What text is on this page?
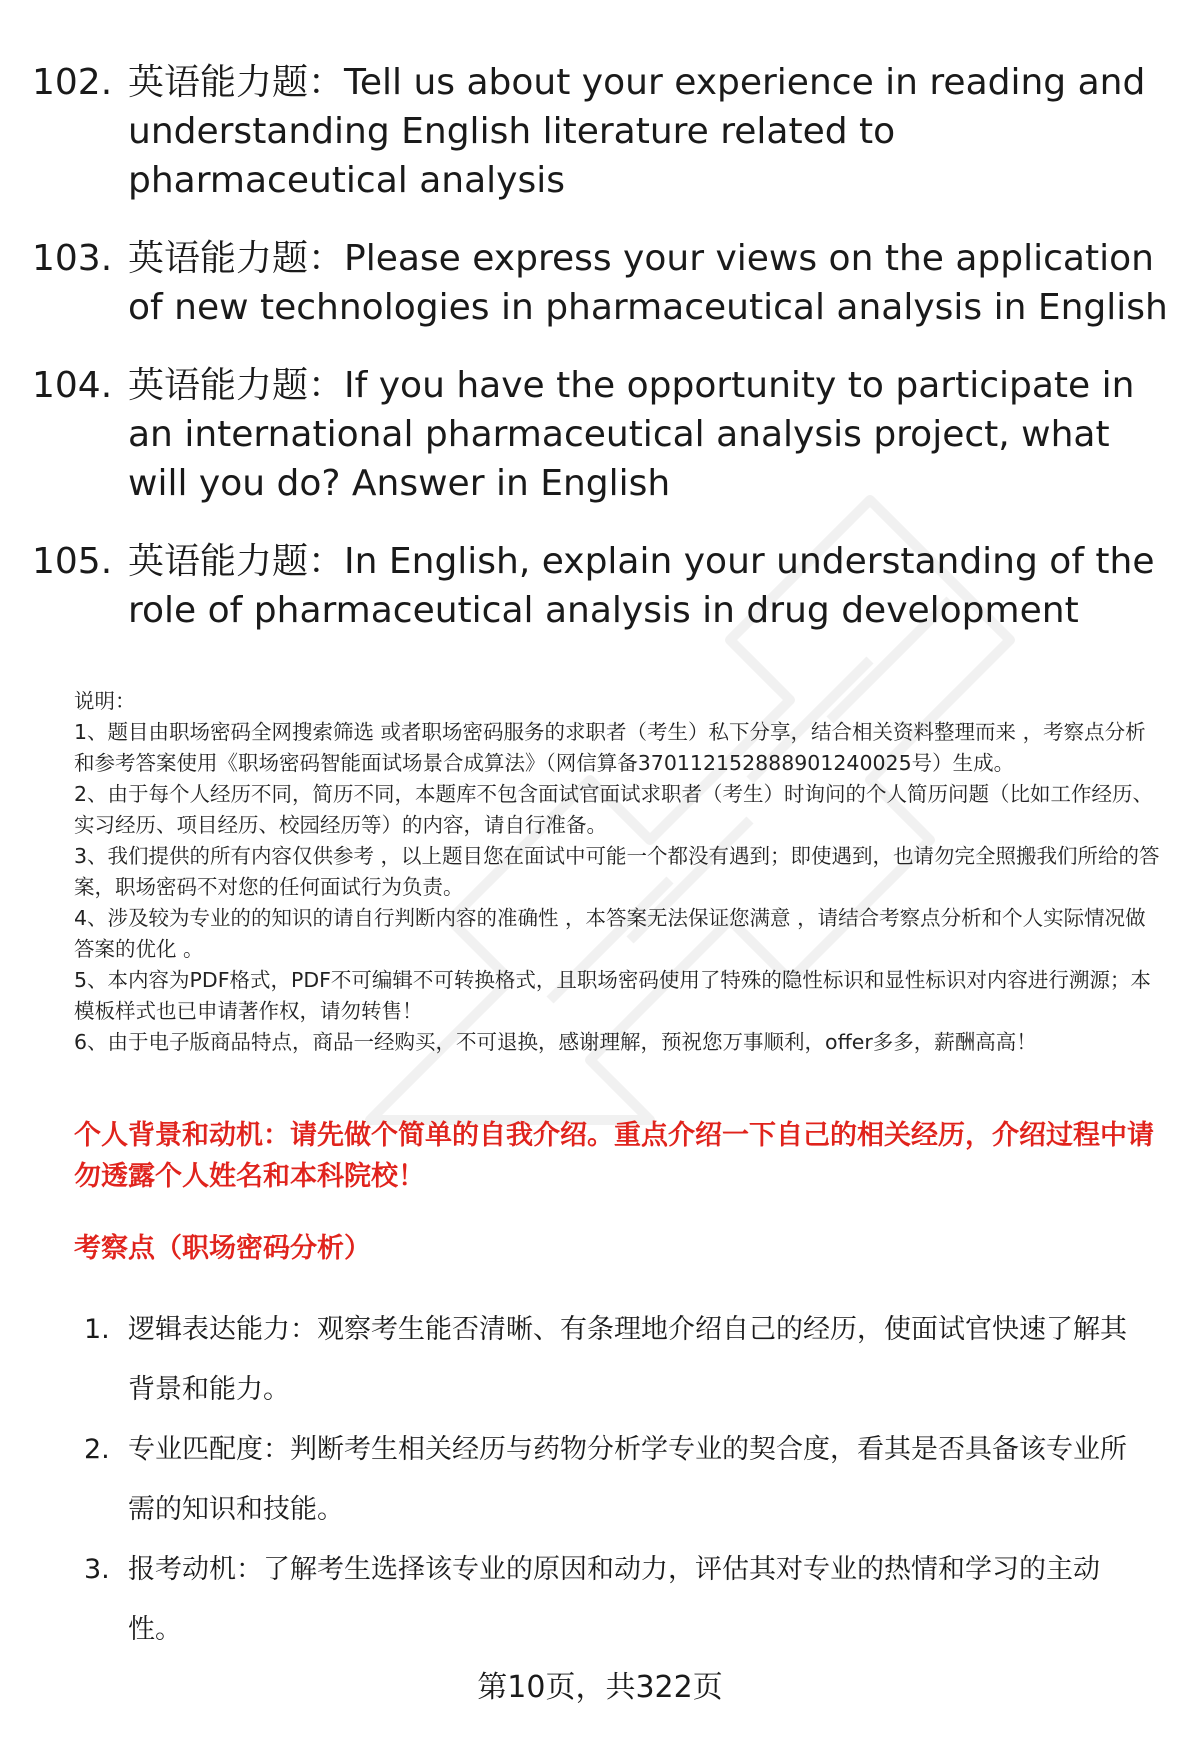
102. 英语能力题：Tell us about your experience in reading and understanding English literature related to pharmaceutical analysis
103. 英语能力题：Please express your views on the application of new technologies in pharmaceutical analysis in English
104. 英语能力题：If you have the opportunity to participate in an international pharmaceutical analysis project, what will you do? Answer in English
105. 英语能力题：In English, explain your understanding of the role of pharmaceutical analysis in drug development

说明：

1、题目由职场密码全网搜索筛选 或者职场密码服务的求职者（考生）私下分享，结合相关资料整理而来 ，考察点分析和参考答案使用《职场密码智能面试场景合成算法》（网信算备370112152888901240025号）生成。

2、由于每个人经历不同，简历不同，本题库不包含面试官面试求职者（考生）时询问的个人简历问题（比如工作经历、实习经历、项目经历、校园经历等）的内容，请自行准备。

3、我们提供的所有内容仅供参考 ，以上题目您在面试中可能一个都没有遇到；即使遇到，也请勿完全照搬我们所给的答案，职场密码不对您的任何面试行为负责。

4、涉及较为专业的的知识的请自行判断内容的准确性 ，本答案无法保证您满意 ，请结合考察点分析和个人实际情况做答案的优化 。

5、本内容为PDF格式，PDF不可编辑不可转换格式，且职场密码使用了特殊的隐性标识和显性标识对内容进行溯源；本模板样式也已申请著作权，请勿转售！

6、由于电子版商品特点，商品一经购买，不可退换，感谢理解，预祝您万事顺利，offer多多，薪酬高高！

个人背景和动机：请先做个简单的自我介绍。重点介绍一下自己的相关经历，介绍过程中请勿透露个人姓名和本科院校！
考察点（职场密码分析）
1. 逻辑表达能力：观察考生能否清晰、有条理地介绍自己的经历，使面试官快速了解其背景和能力。
2. 专业匹配度：判断考生相关经历与药物分析学专业的契合度，看其是否具备该专业所需的知识和技能。
3. 报考动机：了解考生选择该专业的原因和动力，评估其对专业的热情和学习的主动性。
第10页，共322页
